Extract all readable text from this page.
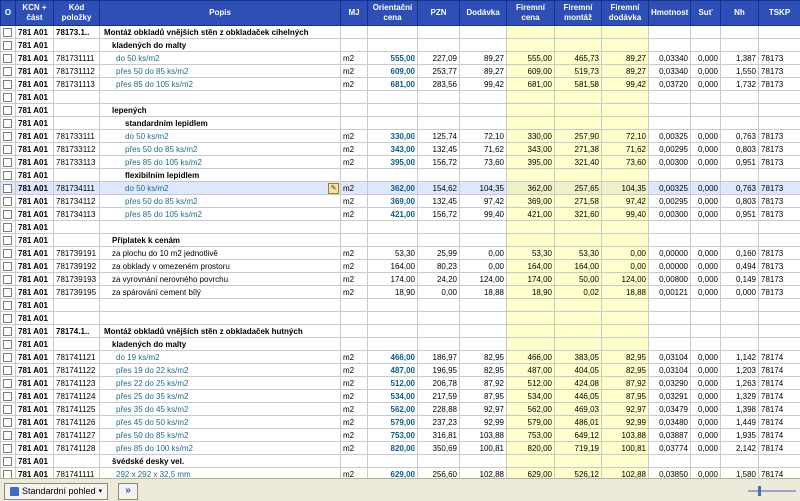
O	KCN + část	Kód položky	Popis	MJ	Orientační cena	PZN	Dodávka	Firemní cena	Firemní montáž	Firemní dodávka	Hmotnost	Suť	Nh	TSKP
	781 A01	78173.1..	Montáž obkladů vnějších stěn z obkladaček cihelných											
	781 A01		kladených do malty											
	781 A01	781731111	do 50 ks/m2	m2	555,00	227,09	89,27	555,00	465,73	89,27	0,03340	0,000	1,387	78173
	781 A01	781731112	přes 50 do 85 ks/m2	m2	609,00	253,77	89,27	609,00	519,73	89,27	0,03340	0,000	1,550	78173
	781 A01	781731113	přes 85 do 105 ks/m2	m2	681,00	283,56	99,42	681,00	581,58	99,42	0,03720	0,000	1,732	78173
	781 A01													
	781 A01		lepených											
	781 A01		standardním lepidlem											
	781 A01	781733111	do 50 ks/m2	m2	330,00	125,74	72,10	330,00	257,90	72,10	0,00325	0,000	0,763	78173
	781 A01	781733112	přes 50 do 85 ks/m2	m2	343,00	132,45	71,62	343,00	271,38	71,62	0,00295	0,000	0,803	78173
	781 A01	781733113	přes 85 do 105 ks/m2	m2	395,00	156,72	73,60	395,00	321,40	73,60	0,00300	0,000	0,951	78173
	781 A01		flexibilním lepidlem											
	781 A01	781734111	do 50 ks/m2 ✎	m2	362,00	154,62	104,35	362,00	257,65	104,35	0,00325	0,000	0,763	78173
	781 A01	781734112	přes 50 do 85 ks/m2	m2	369,00	132,45	97,42	369,00	271,58	97,42	0,00295	0,000	0,803	78173
	781 A01	781734113	přes 85 do 105 ks/m2	m2	421,00	156,72	99,40	421,00	321,60	99,40	0,00300	0,000	0,951	78173
	781 A01													
	781 A01		Příplatek k cenám											
	781 A01	781739191	za plochu do 10 m2 jednotlivě	m2	53,30	25,99	0,00	53,30	53,30	0,00	0,00000	0,000	0,160	78173
	781 A01	781739192	za obklady v omezeném prostoru	m2	164,00	80,23	0,00	164,00	164,00	0,00	0,00000	0,000	0,494	78173
	781 A01	781739193	za vyrovnání nerovného povrchu	m2	174,00	24,20	124,00	174,00	50,00	124,00	0,00800	0,000	0,149	78173
	781 A01	781739195	za spárování cement bílý	m2	18,90	0,00	18,88	18,90	0,02	18,88	0,00121	0,000	0,000	78173
	781 A01													
	781 A01													
	781 A01	78174.1..	Montáž obkladů vnějších stěn z obkladaček hutných											
	781 A01		kladených do malty											
	781 A01	781741121	do 19 ks/m2	m2	466,00	186,97	82,95	466,00	383,05	82,95	0,03104	0,000	1,142	78174
	781 A01	781741122	přes 19 do 22 ks/m2	m2	487,00	196,95	82,95	487,00	404,05	82,95	0,03104	0,000	1,203	78174
	781 A01	781741123	přes 22 do 25 ks/m2	m2	512,00	206,78	87,92	512,00	424,08	87,92	0,03290	0,000	1,263	78174
	781 A01	781741124	přes 25 do 35 ks/m2	m2	534,00	217,59	87,95	534,00	446,05	87,95	0,03291	0,000	1,329	78174
	781 A01	781741125	přes 35 do 45 ks/m2	m2	562,00	228,88	92,97	562,00	469,03	92,97	0,03479	0,000	1,398	78174
	781 A01	781741126	přes 45 do 50 ks/m2	m2	579,00	237,23	92,99	579,00	486,01	92,99	0,03480	0,000	1,449	78174
	781 A01	781741127	přes 50 do 85 ks/m2	m2	753,00	316,81	103,88	753,00	649,12	103,88	0,03887	0,000	1,935	78174
	781 A01	781741128	přes 85 do 100 ks/m2	m2	820,00	350,69	100,81	820,00	719,19	100,81	0,03774	0,000	2,142	78174
	781 A01		švédské desky vel.											
	781 A01	781741111	292 x 292 x 32,5 mm	m2	629,00	256,60	102,88	629,00	526,12	102,88	0,03850	0,000	1,580	78174

Standardní pohled ▾	»
